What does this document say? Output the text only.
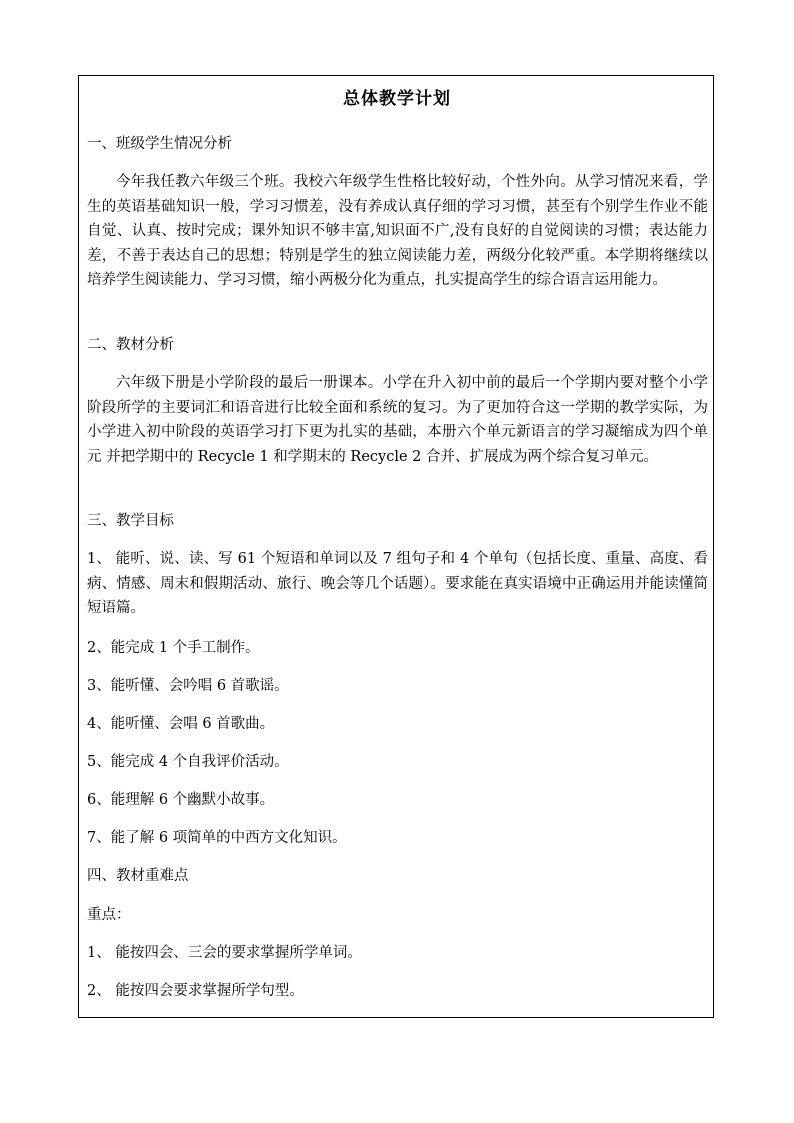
总体教学计划
一、班级学生情况分析
今年我任教六年级三个班。我校六年级学生性格比较好动，个性外向。从学习情况来看，学生的英语基础知识一般，学习习惯差，没有养成认真仔细的学习习惯，甚至有个别学生作业不能自觉、认真、按时完成；课外知识不够丰富,知识面不广,没有良好的自觉阅读的习惯；表达能力差，不善于表达自己的思想；特别是学生的独立阅读能力差，两级分化较严重。本学期将继续以培养学生阅读能力、学习习惯，缩小两极分化为重点，扎实提高学生的综合语言运用能力。
二、教材分析
六年级下册是小学阶段的最后一册课本。小学在升入初中前的最后一个学期内要对整个小学阶段所学的主要词汇和语音进行比较全面和系统的复习。为了更加符合这一学期的教学实际，为小学进入初中阶段的英语学习打下更为扎实的基础，本册六个单元新语言的学习凝缩成为四个单元 并把学期中的 Recycle 1 和学期末的 Recycle 2 合并、扩展成为两个综合复习单元。
三、教学目标
1、 能听、说、读、写 61 个短语和单词以及 7 组句子和 4 个单句（包括长度、重量、高度、看病、情感、周末和假期活动、旅行、晚会等几个话题）。要求能在真实语境中正确运用并能读懂简短语篇。
2、能完成 1 个手工制作。
3、能听懂、会吟唱 6 首歌谣。
4、能听懂、会唱 6 首歌曲。
5、能完成 4 个自我评价活动。
6、能理解 6 个幽默小故事。
7、能了解 6 项简单的中西方文化知识。
四、教材重难点
重点：
1、 能按四会、三会的要求掌握所学单词。
2、 能按四会要求掌握所学句型。
